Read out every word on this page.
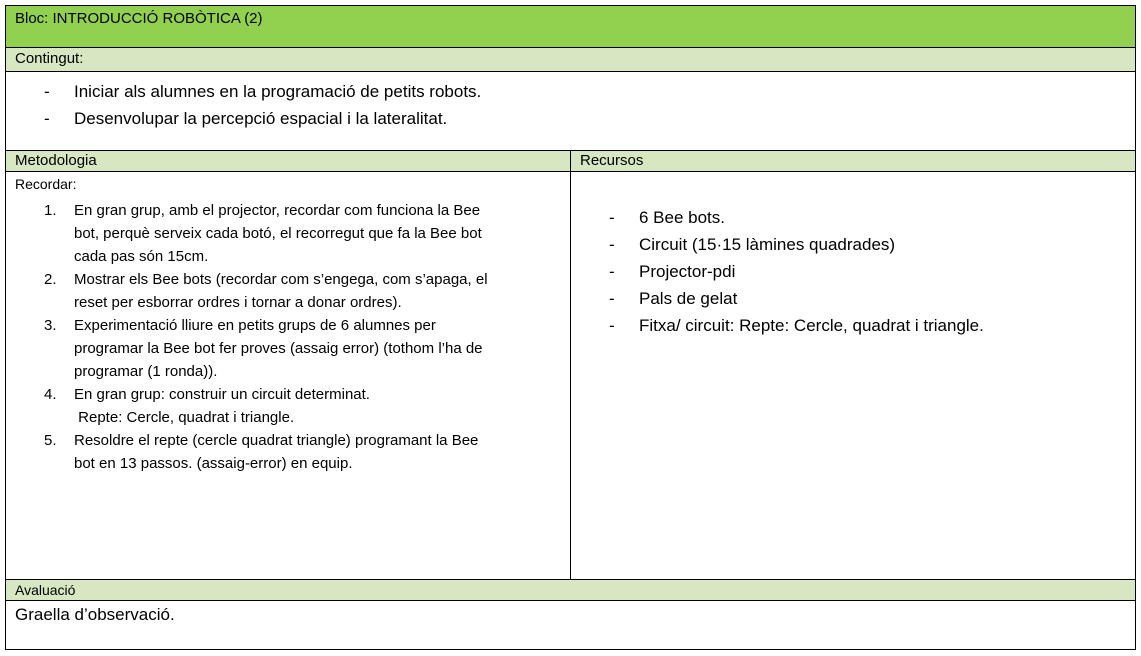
Bloc: INTRODUCCIÓ ROBÒTICA (2)
Contingut:
- Iniciar als alumnes en la programació de petits robots.
- Desenvolupar la percepció espacial i la lateralitat.
Metodologia	Recursos
Recordar:
1. En gran grup, amb el projector, recordar com funciona la Bee
bot, perquè serveix cada botó, el recorregut que fa la Bee bot
cada pas són 15cm.
2. Mostrar els Bee bots (recordar com s’engega, com s’apaga, el
reset per esborrar ordres i tornar a donar ordres).
3. Experimentació lliure en petits grups de 6 alumnes per
programar la Bee bot fer proves (assaig error) (tothom l’ha de
programar (1 ronda)).
4. En gran grup: construir un circuit determinat.
Repte: Cercle, quadrat i triangle.
5. Resoldre el repte (cercle quadrat triangle) programant la Bee
bot en 13 passos. (assaig-error) en equip.
- 6 Bee bots.
- Circuit (15·15 làmines quadrades)
- Projector-pdi
- Pals de gelat
- Fitxa/ circuit: Repte: Cercle, quadrat i triangle.
Avaluació
Graella d’observació.
